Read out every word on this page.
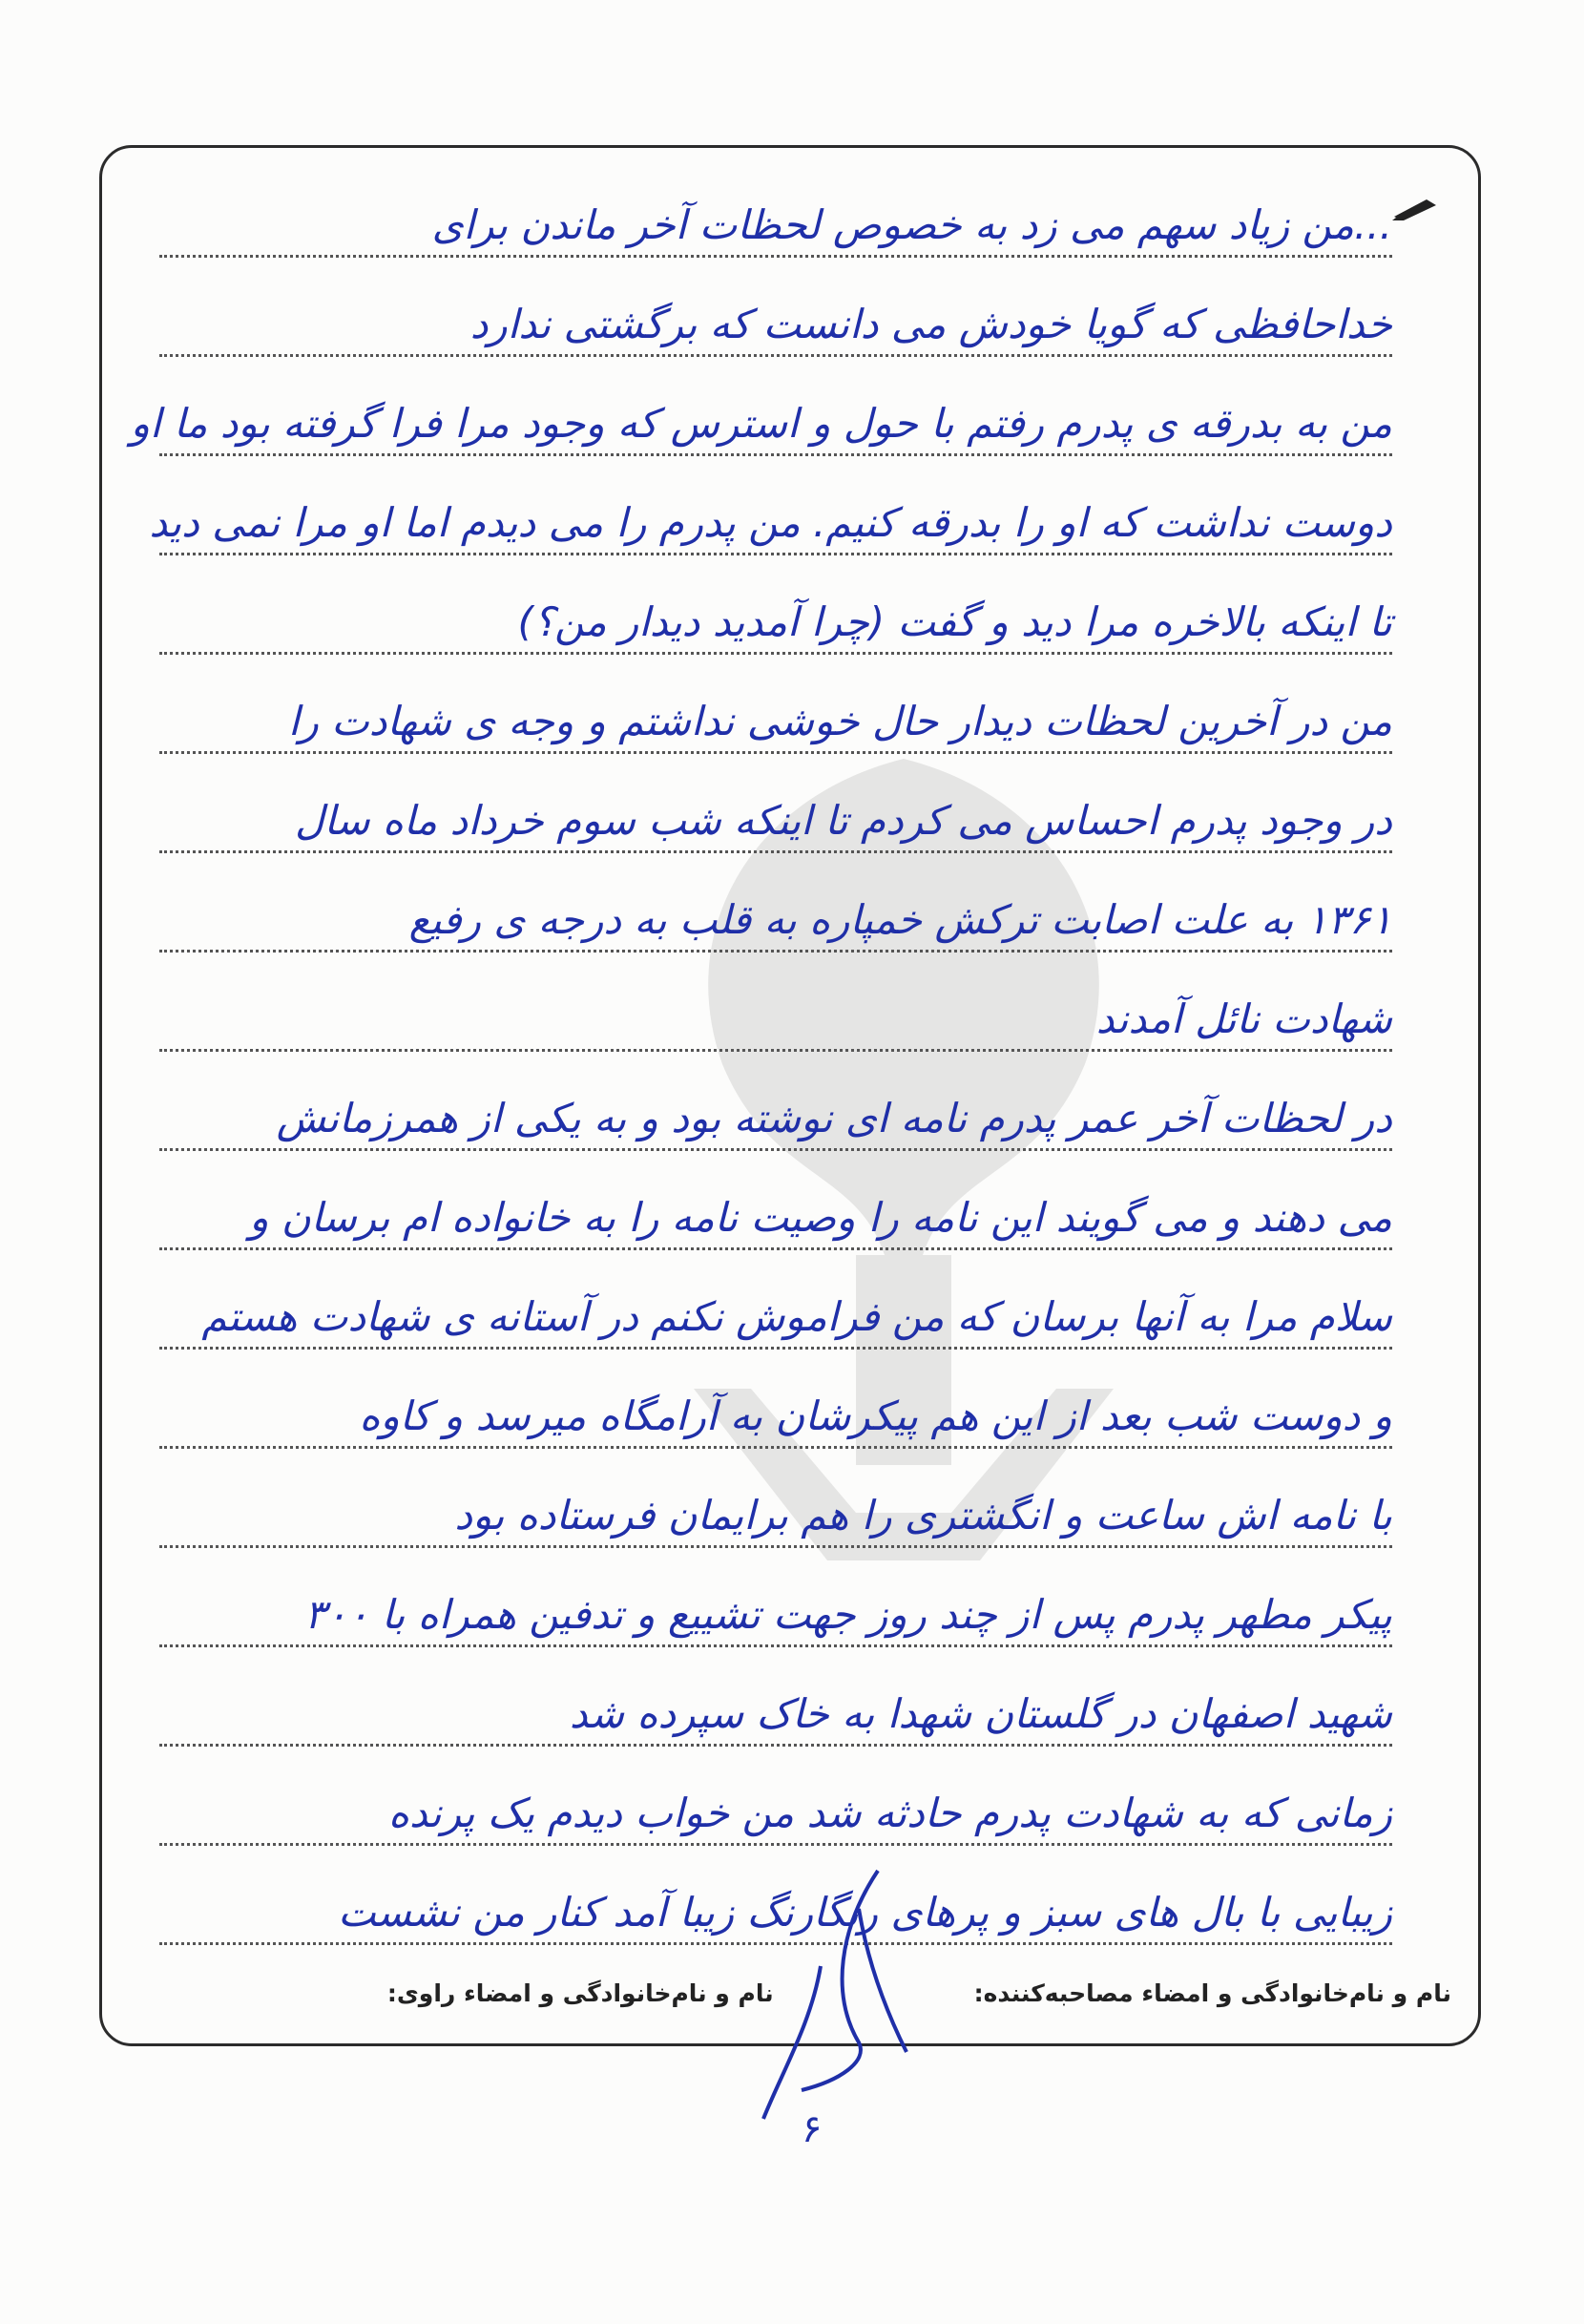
...من زیاد سهم می زد به خصوص لحظات آخر ماندن برای
خداحافظی که گویا خودش می دانست که برگشتی ندارد
من به بدرقه ی پدرم رفتم با حول و استرس که وجود مرا فرا گرفته بود ما او
دوست نداشت که او را بدرقه کنیم. من پدرم را می دیدم اما او مرا نمی دید
تا اینکه بالاخره مرا دید و گفت (چرا آمدید دیدار من؟)
من در آخرین لحظات دیدار حال خوشی نداشتم و وجه ی شهادت را
در وجود پدرم احساس می کردم تا اینکه شب سوم خرداد ماه سال
۱۳۶۱ به علت اصابت ترکش خمپاره به قلب به درجه ی رفیع
شهادت نائل آمدند
در لحظات آخر عمر پدرم نامه ای نوشته بود و به یکی از همرزمانش
می دهند و می گویند این نامه را وصیت نامه را به خانواده ام برسان و
سلام مرا به آنها برسان که من فراموش نکنم در آستانه ی شهادت هستم
و دوست شب بعد از این هم پیکرشان به آرامگاه میرسد و کاوه
با نامه اش ساعت و انگشتری را هم برایمان فرستاده بود
پیکر مطهر پدرم پس از چند روز جهت تشییع و تدفین همراه با ۳۰۰
شهید اصفهان در گلستان شهدا به خاک سپرده شد
زمانی که به شهادت پدرم حادثه شد من خواب دیدم یک پرنده
زیبایی با بال های سبز و پرهای رنگارنگ زیبا آمد کنار من نشست
نام و نام‌خانوادگی و امضاء مصاحبه‌کننده:
نام و نام‌خانوادگی و امضاء راوی:
۶
